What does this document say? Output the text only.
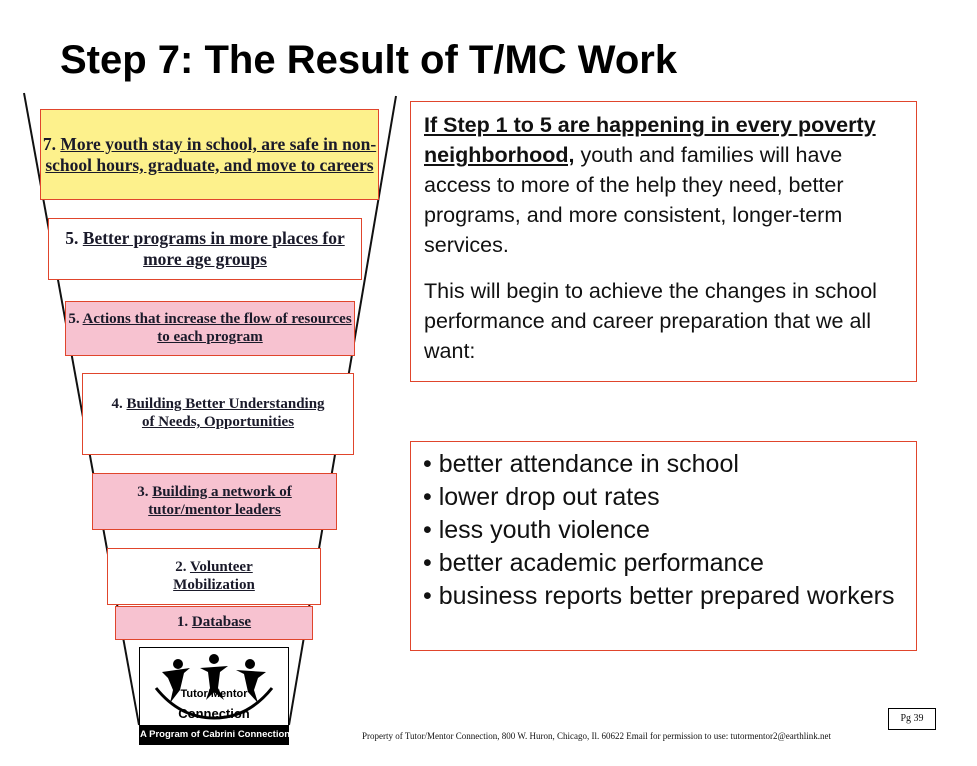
Step 7: The Result of T/MC Work
7. More youth stay in school, are safe in non-school hours, graduate, and move to careers
5. Better programs in more places for more age groups
5. Actions that increase the flow of resources to each program
4. Building Better Understanding of Needs, Opportunities
3. Building a network of tutor/mentor leaders
2. Volunteer Mobilization
1. Database

If Step 1 to 5 are happening in every poverty neighborhood, youth and families will have access to more of the help they need, better programs, and more consistent, longer-term services.

This will begin to achieve the changes in school performance and career preparation that we all want:

• better attendance in school
• lower drop out rates
• less youth violence
• better academic performance
• business reports better prepared workers
Tutor/Mentor
Connection
A Program of Cabrini Connections	Property of Tutor/Mentor Connection, 800 W. Huron, Chicago, Il. 60622 Email for permission to use: tutormentor2@earthlink.net
Pg 39
